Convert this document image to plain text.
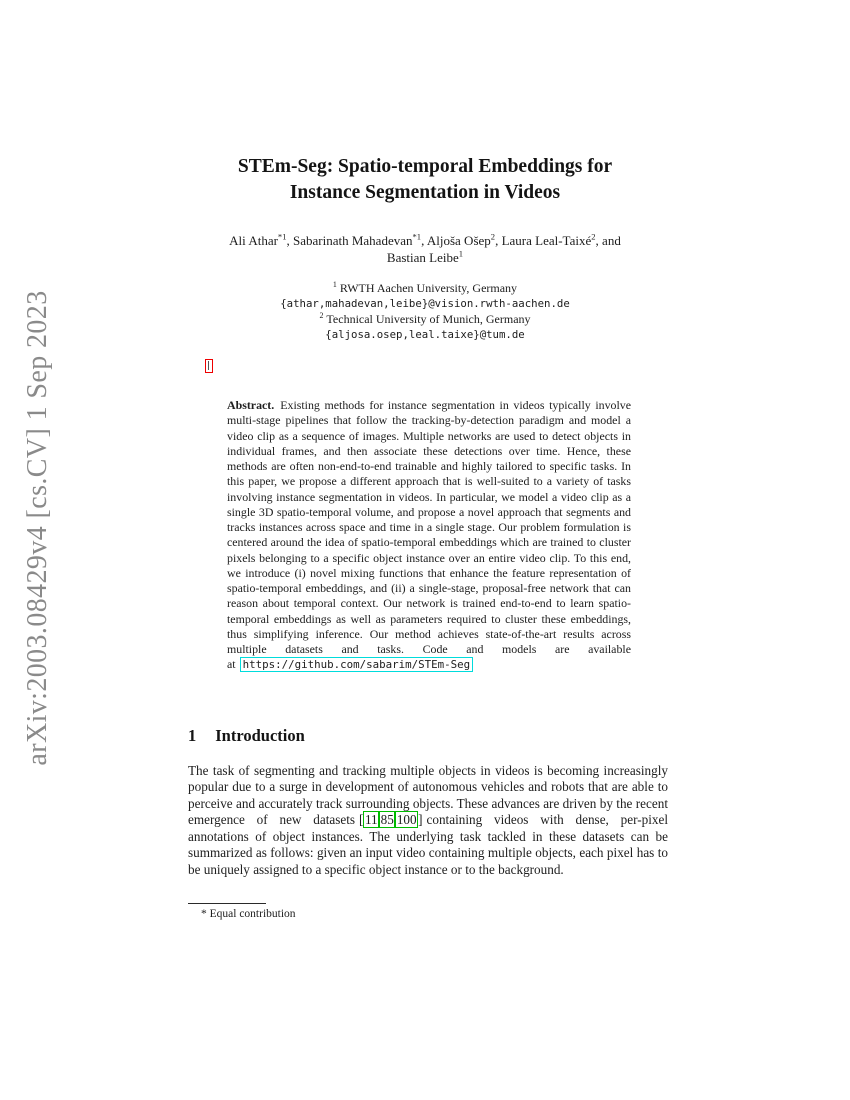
arXiv:2003.08429v4 [cs.CV] 1 Sep 2023
STEm-Seg: Spatio-temporal Embeddings for
Instance Segmentation in Videos
Ali Athar$^{*1}$, Sabarinath Mahadevan$^{*1}$, Aljoša Ošep$^2$, Laura Leal-Taixé$^2$, and
Bastian Leibe$^1$
$^1$ RWTH Aachen University, Germany
{athar,mahadevan,leibe}@vision.rwth-aachen.de
$^2$ Technical University of Munich, Germany
{aljosa.osep,leal.taixe}@tum.de
Abstract. Existing methods for instance segmentation in videos typically involve multi-stage pipelines that follow the tracking-by-detection paradigm and model a video clip as a sequence of images. Multiple networks are used to detect objects in individual frames, and then associate these detections over time. Hence, these methods are often non-end-to-end trainable and highly tailored to specific tasks. In this paper, we propose a different approach that is well-suited to a variety of tasks involving instance segmentation in videos. In particular, we model a video clip as a single 3D spatio-temporal volume, and propose a novel approach that segments and tracks instances across space and time in a single stage. Our problem formulation is centered around the idea of spatio-temporal embeddings which are trained to cluster pixels belonging to a specific object instance over an entire video clip. To this end, we introduce (i) novel mixing functions that enhance the feature representation of spatio-temporal embeddings, and (ii) a single-stage, proposal-free network that can reason about temporal context. Our network is trained end-to-end to learn spatio-temporal embeddings as well as parameters required to cluster these embeddings, thus simplifying inference. Our method achieves state-of-the-art results across multiple datasets and tasks. Code and models are available at https://github.com/sabarim/STEm-Seg
1 Introduction
The task of segmenting and tracking multiple objects in videos is becoming increasingly popular due to a surge in development of autonomous vehicles and robots that are able to perceive and accurately track surrounding objects. These advances are driven by the recent emergence of new datasets [ 11 85 100 ] containing videos with dense, per-pixel annotations of object instances. The underlying task tackled in these datasets can be summarized as follows: given an input video containing multiple objects, each pixel has to be uniquely assigned to a specific object instance or to the background.
* Equal contribution
